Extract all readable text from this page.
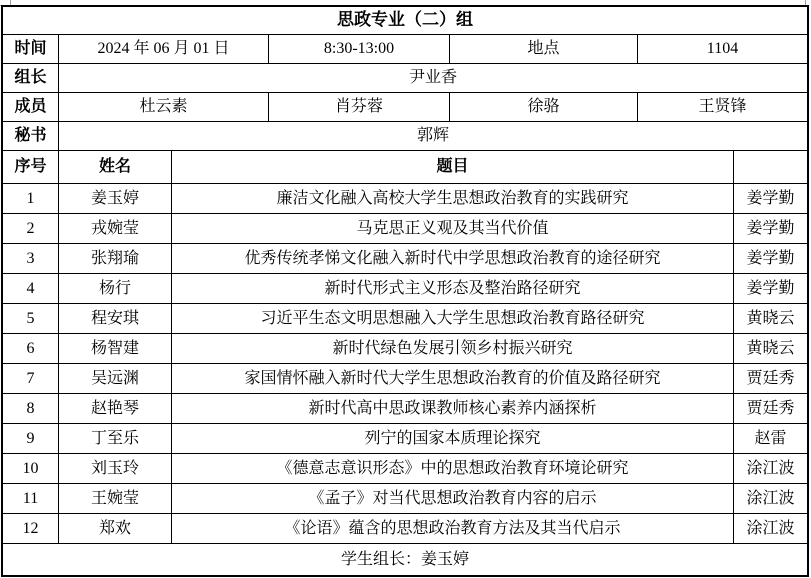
思政专业（二）组
时间	2024 年 06 月 01 日	8:30-13:00	地点	1104
组长	尹业香
成员	杜云素	肖芬蓉	徐骆	王贤锋
秘书	郭辉
序号	姓名	题目
1	姜玉婷	廉洁文化融入高校大学生思想政治教育的实践研究	姜学勤
2	戎婉莹	马克思正义观及其当代价值	姜学勤
3	张翔瑜	优秀传统孝悌文化融入新时代中学思想政治教育的途径研究	姜学勤
4	杨行	新时代形式主义形态及整治路径研究	姜学勤
5	程安琪	习近平生态文明思想融入大学生思想政治教育路径研究	黄晓云
6	杨智建	新时代绿色发展引领乡村振兴研究	黄晓云
7	吴远渊	家国情怀融入新时代大学生思想政治教育的价值及路径研究	贾廷秀
8	赵艳琴	新时代高中思政课教师核心素养内涵探析	贾廷秀
9	丁至乐	列宁的国家本质理论探究	赵雷
10	刘玉玲	《德意志意识形态》中的思想政治教育环境论研究	涂江波
11	王婉莹	《孟子》对当代思想政治教育内容的启示	涂江波
12	郑欢	《论语》蕴含的思想政治教育方法及其当代启示	涂江波
学生组长：姜玉婷
